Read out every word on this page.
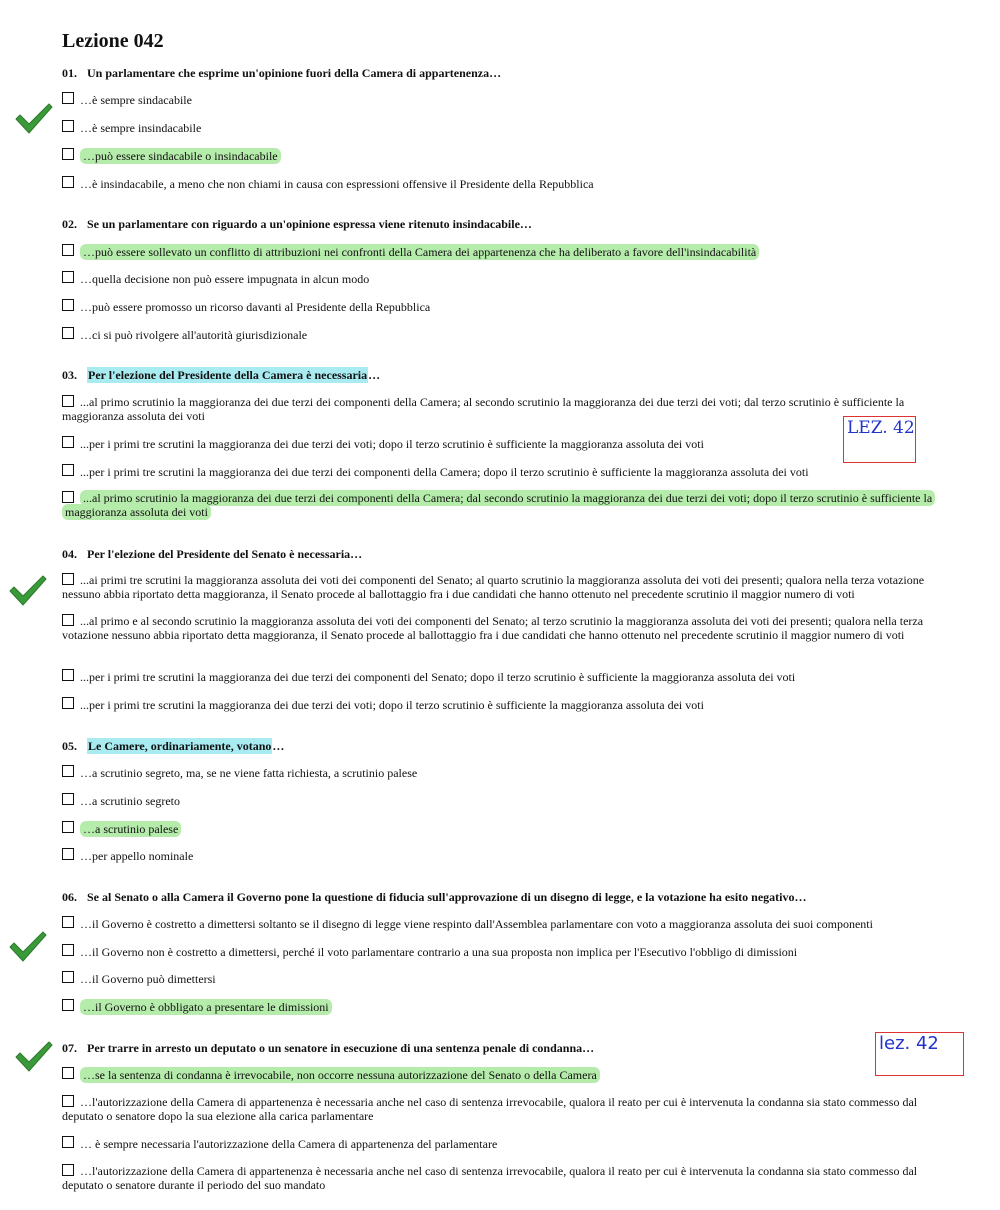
Lezione 042
01. Un parlamentare che esprime un'opinione fuori della Camera di appartenenza…
…è sempre sindacabile
…è sempre insindacabile
…può essere sindacabile o insindacabile
…è insindacabile, a meno che non chiami in causa con espressioni offensive il Presidente della Repubblica
02. Se un parlamentare con riguardo a un'opinione espressa viene ritenuto insindacabile…
…può essere sollevato un conflitto di attribuzioni nei confronti della Camera dei appartenenza che ha deliberato a favore dell'insindacabilità
…quella decisione non può essere impugnata in alcun modo
…può essere promosso un ricorso davanti al Presidente della Repubblica
…ci si può rivolgere all'autorità giurisdizionale
03. Per l'elezione del Presidente della Camera è necessaria…
...al primo scrutinio la maggioranza dei due terzi dei componenti della Camera; al secondo scrutinio la maggioranza dei due terzi dei voti; dal terzo scrutinio è sufficiente la maggioranza assoluta dei voti
...per i primi tre scrutini la maggioranza dei due terzi dei voti; dopo il terzo scrutinio è sufficiente la maggioranza assoluta dei voti
...per i primi tre scrutini la maggioranza dei due terzi dei componenti della Camera; dopo il terzo scrutinio è sufficiente la maggioranza assoluta dei voti
...al primo scrutinio la maggioranza dei due terzi dei componenti della Camera; dal secondo scrutinio la maggioranza dei due terzi dei voti; dopo il terzo scrutinio è sufficiente la maggioranza assoluta dei voti
04. Per l'elezione del Presidente del Senato è necessaria…
...ai primi tre scrutini la maggioranza assoluta dei voti dei componenti del Senato; al quarto scrutinio la maggioranza assoluta dei voti dei presenti; qualora nella terza votazione nessuno abbia riportato detta maggioranza, il Senato procede al ballottaggio fra i due candidati che hanno ottenuto nel precedente scrutinio il maggior numero di voti
...al primo e al secondo scrutinio la maggioranza assoluta dei voti dei componenti del Senato; al terzo scrutinio la maggioranza assoluta dei voti dei presenti; qualora nella terza votazione nessuno abbia riportato detta maggioranza, il Senato procede al ballottaggio fra i due candidati che hanno ottenuto nel precedente scrutinio il maggior numero di voti
...per i primi tre scrutini la maggioranza dei due terzi dei componenti del Senato; dopo il terzo scrutinio è sufficiente la maggioranza assoluta dei voti
...per i primi tre scrutini la maggioranza dei due terzi dei voti; dopo il terzo scrutinio è sufficiente la maggioranza assoluta dei voti
05. Le Camere, ordinariamente, votano…
…a scrutinio segreto, ma, se ne viene fatta richiesta, a scrutinio palese
…a scrutinio segreto
…a scrutinio palese
…per appello nominale
06. Se al Senato o alla Camera il Governo pone la questione di fiducia sull'approvazione di un disegno di legge, e la votazione ha esito negativo…
…il Governo è costretto a dimettersi soltanto se il disegno di legge viene respinto dall'Assemblea parlamentare con voto a maggioranza assoluta dei suoi componenti
…il Governo non è costretto a dimettersi, perché il voto parlamentare contrario a una sua proposta non implica per l'Esecutivo l'obbligo di dimissioni
…il Governo può dimettersi
…il Governo è obbligato a presentare le dimissioni
07. Per trarre in arresto un deputato o un senatore in esecuzione di una sentenza penale di condanna…
…se la sentenza di condanna è irrevocabile, non occorre nessuna autorizzazione del Senato o della Camera
…l'autorizzazione della Camera di appartenenza è necessaria anche nel caso di sentenza irrevocabile, qualora il reato per cui è intervenuta la condanna sia stato commesso dal deputato o senatore dopo la sua elezione alla carica parlamentare
… è sempre necessaria l'autorizzazione della Camera di appartenenza del parlamentare
…l'autorizzazione della Camera di appartenenza è necessaria anche nel caso di sentenza irrevocabile, qualora il reato per cui è intervenuta la condanna sia stato commesso dal deputato o senatore durante il periodo del suo mandato
LEZ. 42
lez. 42
